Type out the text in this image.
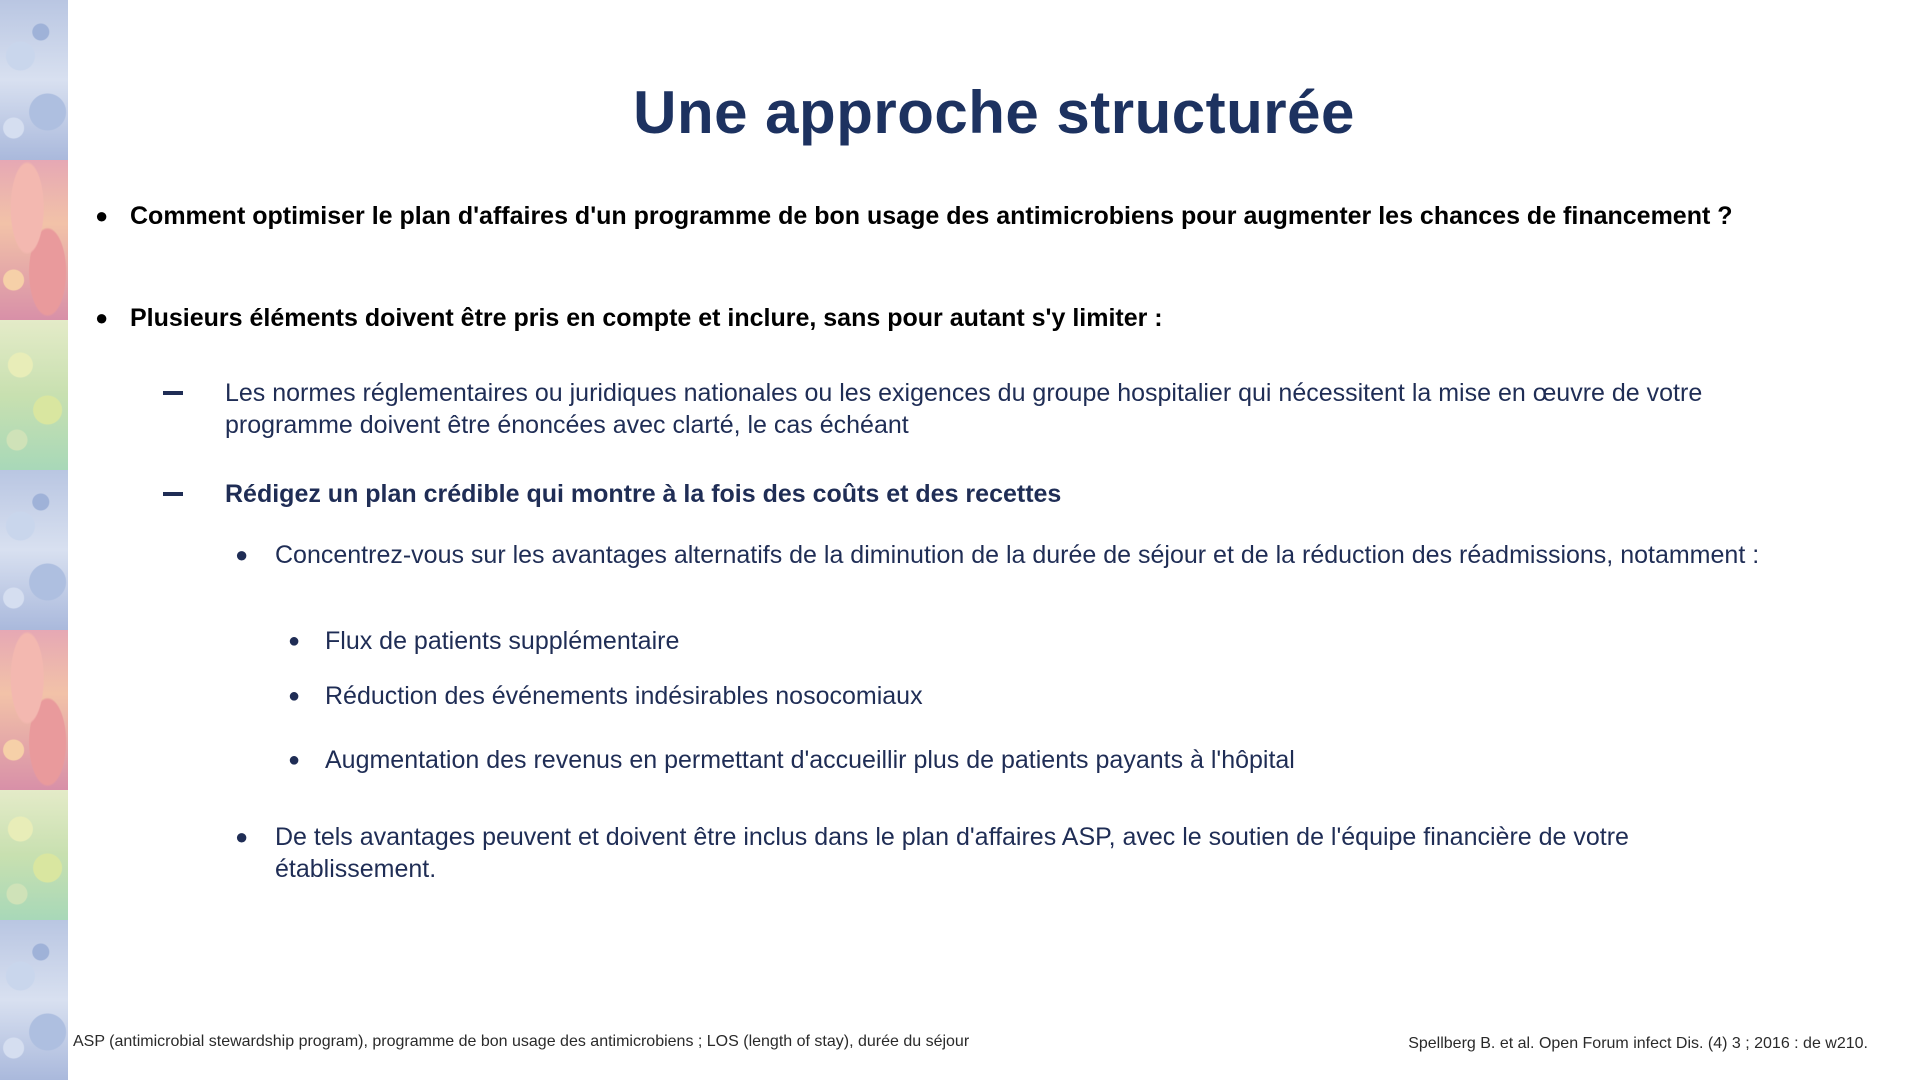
Une approche structurée
● Comment optimiser le plan d'affaires d'un programme de bon usage des antimicrobiens pour augmenter les chances de financement ?
● Plusieurs éléments doivent être pris en compte et inclure, sans pour autant s'y limiter :
Les normes réglementaires ou juridiques nationales ou les exigences du groupe hospitalier qui nécessitent la mise en œuvre de votre programme doivent être énoncées avec clarté, le cas échéant
Rédigez un plan crédible qui montre à la fois des coûts et des recettes
●	Concentrez-vous sur les avantages alternatifs de la diminution de la durée de séjour et de la réduction des réadmissions, notamment :
● Flux de patients supplémentaire
● Réduction des événements indésirables nosocomiaux
● Augmentation des revenus en permettant d'accueillir plus de patients payants à l'hôpital
●	De tels avantages peuvent et doivent être inclus dans le plan d'affaires ASP, avec le soutien de l'équipe financière de votre établissement.
ASP (antimicrobial stewardship program), programme de bon usage des antimicrobiens ; LOS (length of stay), durée du séjour	Spellberg B. et al. Open Forum infect Dis. (4) 3 ; 2016 : de w210.
